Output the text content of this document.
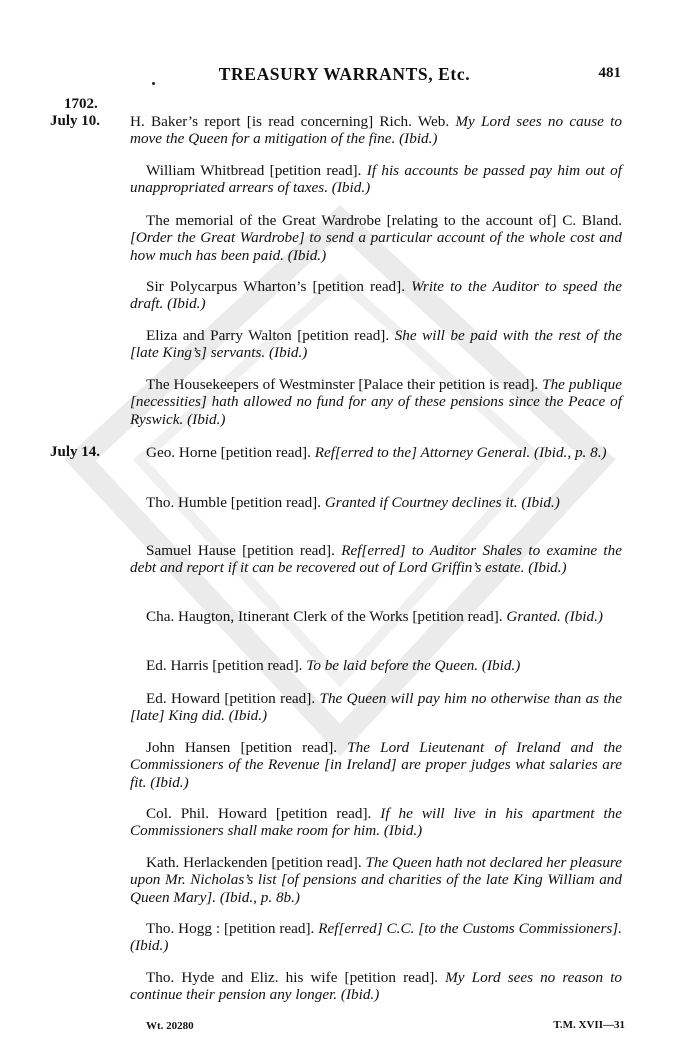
TREASURY WARRANTS, Etc.	481
1702.
July 10.
July 14.
H. Baker’s report [is read concerning] Rich. Web. My Lord sees no cause to move the Queen for a mitigation of the fine. (Ibid.)
William Whitbread [petition read]. If his accounts be passed pay him out of unappropriated arrears of taxes. (Ibid.)
The memorial of the Great Wardrobe [relating to the account of] C. Bland. [Order the Great Wardrobe] to send a particular account of the whole cost and how much has been paid. (Ibid.)
Sir Polycarpus Wharton’s [petition read]. Write to the Auditor to speed the draft. (Ibid.)
Eliza and Parry Walton [petition read]. She will be paid with the rest of the [late King’s] servants. (Ibid.)
The Housekeepers of Westminster [Palace their petition is read]. The publique [necessities] hath allowed no fund for any of these pensions since the Peace of Ryswick. (Ibid.)
Geo. Horne [petition read]. Ref[erred to the] Attorney General. (Ibid., p. 8.)
Tho. Humble [petition read]. Granted if Courtney declines it. (Ibid.)
Samuel Hause [petition read]. Ref[erred] to Auditor Shales to examine the debt and report if it can be recovered out of Lord Griffin’s estate. (Ibid.)
Cha. Haugton, Itinerant Clerk of the Works [petition read]. Granted. (Ibid.)
Ed. Harris [petition read]. To be laid before the Queen. (Ibid.)
Ed. Howard [petition read]. The Queen will pay him no otherwise than as the [late] King did. (Ibid.)
John Hansen [petition read]. The Lord Lieutenant of Ireland and the Commissioners of the Revenue [in Ireland] are proper judges what salaries are fit. (Ibid.)
Col. Phil. Howard [petition read]. If he will live in his apartment the Commissioners shall make room for him. (Ibid.)
Kath. Herlackenden [petition read]. The Queen hath not declared her pleasure upon Mr. Nicholas’s list [of pensions and charities of the late King William and Queen Mary]. (Ibid., p. 8b.)
Tho. Hogg : [petition read]. Ref[erred] C.C. [to the Customs Commissioners]. (Ibid.)
Tho. Hyde and Eliz. his wife [petition read]. My Lord sees no reason to continue their pension any longer. (Ibid.)
Wt. 20280	T.M. XVII—31
